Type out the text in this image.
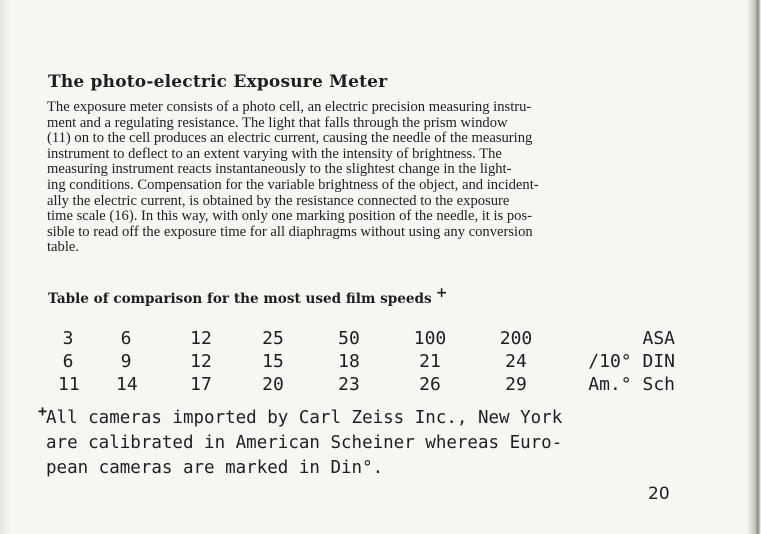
The photo-electric Exposure Meter

The exposure meter consists of a photo cell, an electric precision measuring instru-

ment and a regulating resistance. The light that falls through the prism window

(11) on to the cell produces an electric current, causing the needle of the measuring

instrument to deflect to an extent varying with the intensity of brightness. The

measuring instrument reacts instantaneously to the slightest change in the light-

ing conditions. Compensation for the variable brightness of the object, and incident-

ally the electric current, is obtained by the resistance connected to the exposure

time scale (16). In this way, with only one marking position of the needle, it is pos-

sible to read off the exposure time for all diaphragms without using any conversion

table.

Table of comparison for the most used film speeds +
3	6	12	25	50	100	200	ASA
6	9	12	15	18	21	24	/10° DIN
11 14	17	20	23	26	29	Am.° Sch
+

All cameras imported by Carl Zeiss Inc., New York

are calibrated in American Scheiner whereas Euro-

pean cameras are marked in Din°.

20
